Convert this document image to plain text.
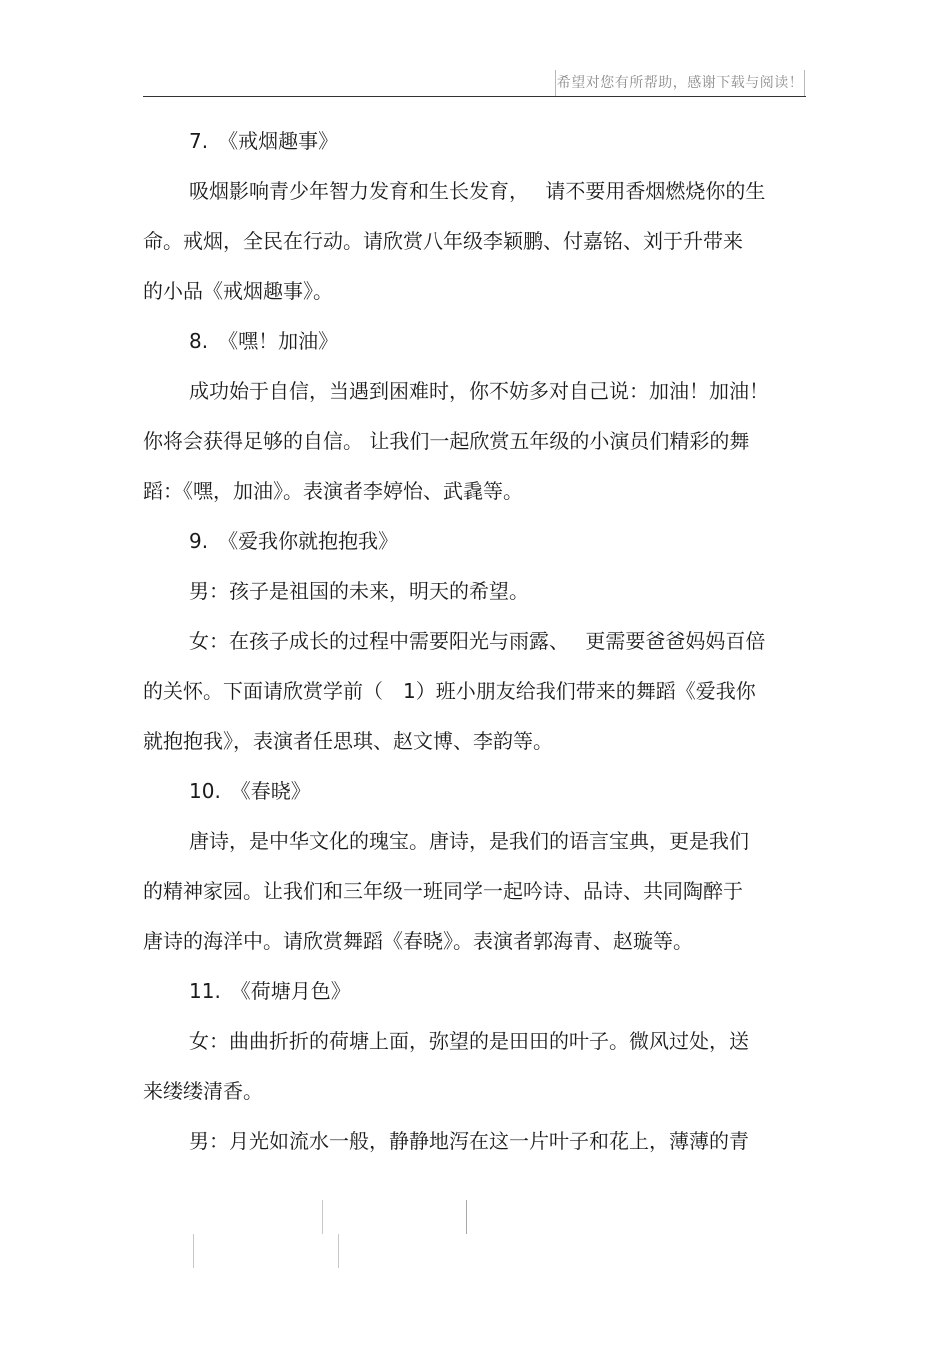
希望对您有所帮助，感谢下载与阅读！

7.　《戒烟趣事》

吸烟影响青少年智力发育和生长发育，　 请不要用香烟燃烧你的生

命。戒烟，全民在行动。请欣赏八年级李颖鹏、付嘉铭、刘于升带来

的小品《戒烟趣事》。

8.　《嘿！加油》

成功始于自信，当遇到困难时，你不妨多对自己说：加油！加油！

你将会获得足够的自信。 让我们一起欣赏五年级的小演员们精彩的舞

蹈：《嘿，加油》。表演者李婷怡、武毳等。

9.　《爱我你就抱抱我》

男：孩子是祖国的未来，明天的希望。

女：在孩子成长的过程中需要阳光与雨露、　 更需要爸爸妈妈百倍

的关怀。下面请欣赏学前（　1）班小朋友给我们带来的舞蹈《爱我你

就抱抱我》，表演者任思琪、赵文博、李韵等。

10.　《春晓》

唐诗，是中华文化的瑰宝。唐诗，是我们的语言宝典，更是我们

的精神家园。让我们和三年级一班同学一起吟诗、品诗、共同陶醉于

唐诗的海洋中。请欣赏舞蹈《春晓》。表演者郭海青、赵璇等。

11.　《荷塘月色》

女：曲曲折折的荷塘上面，弥望的是田田的叶子。微风过处，送

来缕缕清香。

男：月光如流水一般，静静地泻在这一片叶子和花上，薄薄的青
